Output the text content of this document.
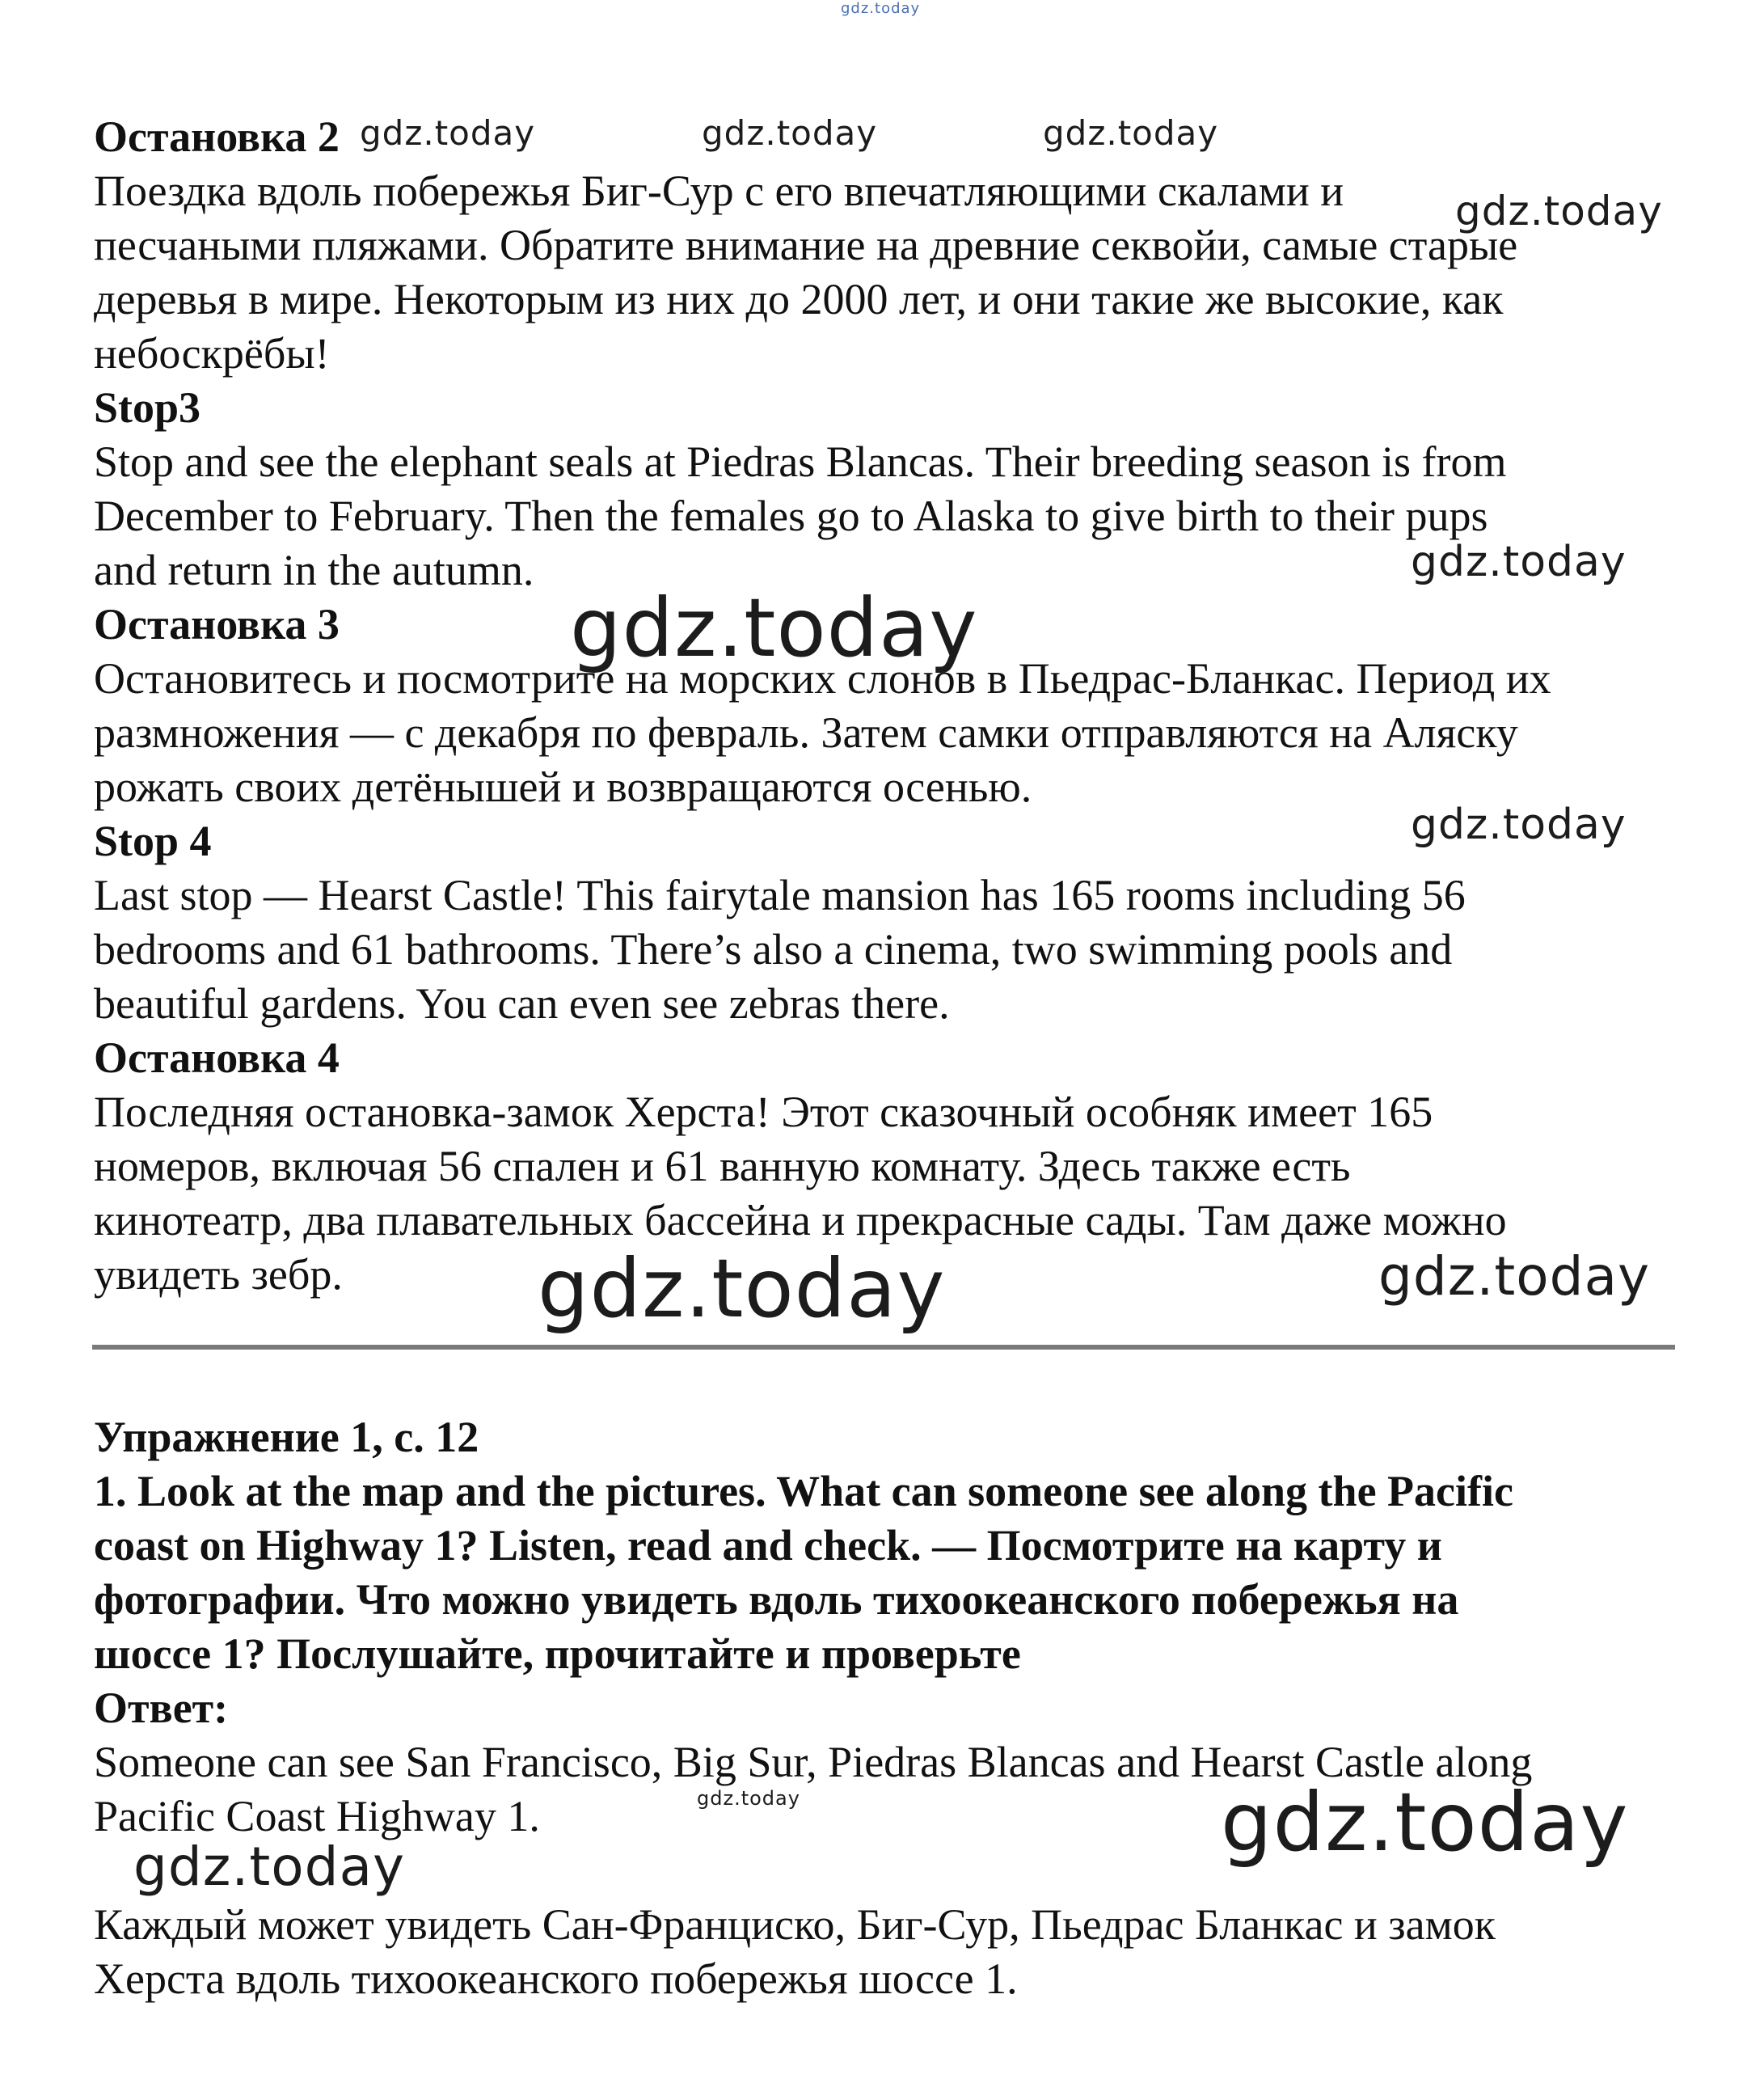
Остановка 2
Поездка вдоль побережья Биг-Сур с его впечатляющими скалами и
песчаными пляжами. Обратите внимание на древние секвойи, самые старые
деревья в мире. Некоторым из них до 2000 лет, и они такие же высокие, как
небоскрёбы!
Stop3
Stop and see the elephant seals at Piedras Blancas. Their breeding season is from
December to February. Then the females go to Alaska to give birth to their pups
and return in the autumn.
Остановка 3
Остановитесь и посмотрите на морских слонов в Пьедрас-Бланкас. Период их
размножения — с декабря по февраль. Затем самки отправляются на Аляску
рожать своих детёнышей и возвращаются осенью.
Stop 4
Last stop — Hearst Castle! This fairytale mansion has 165 rooms including 56
bedrooms and 61 bathrooms. There’s also a cinema, two swimming pools and
beautiful gardens. You can even see zebras there.
Остановка 4
Последняя остановка-замок Херста! Этот сказочный особняк имеет 165
номеров, включая 56 спален и 61 ванную комнату. Здесь также есть
кинотеатр, два плавательных бассейна и прекрасные сады. Там даже можно
увидеть зебр.
Упражнение 1, с. 12
1. Look at the map and the pictures. What can someone see along the Pacific
coast on Highway 1? Listen, read and check. — Посмотрите на карту и
фотографии. Что можно увидеть вдоль тихоокеанского побережья на
шоссе 1? Послушайте, прочитайте и проверьте
Ответ:
Someone can see San Francisco, Big Sur, Piedras Blancas and Hearst Castle along
Pacific Coast Highway 1.
Каждый может увидеть Сан-Франциско, Биг-Сур, Пьедрас Бланкас и замок
Херста вдоль тихоокеанского побережья шоссе 1.
gdz.today
gdz.today	gdz.today	gdz.today
gdz.today
gdz.today
gdz.today
gdz.today
gdz.today	gdz.today
gdz.today	gdz.today
gdz.today
